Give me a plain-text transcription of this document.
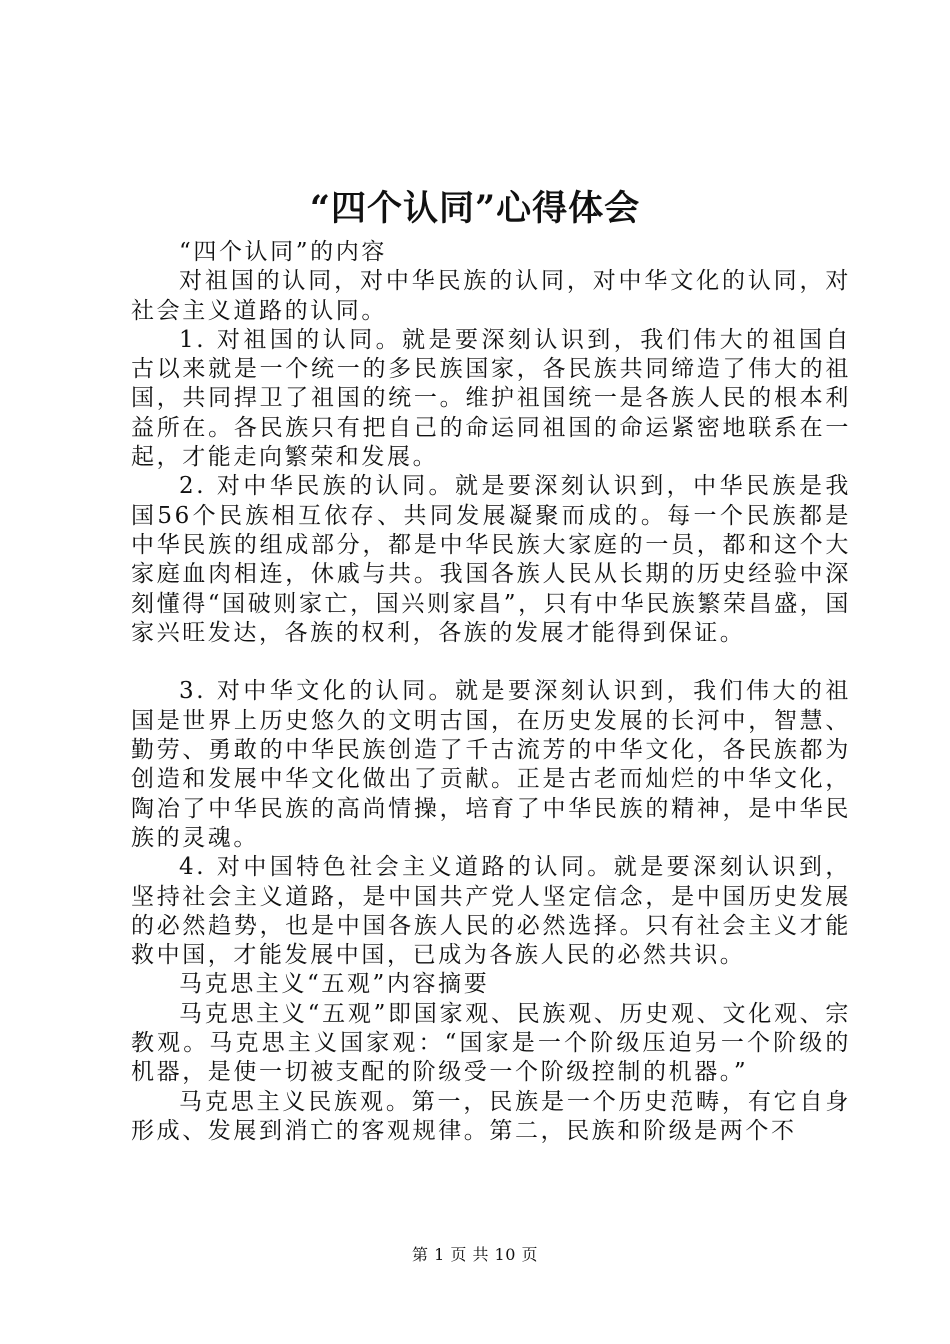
“四个认同”心得体会

“四个认同”的内容

对祖国的认同，对中华民族的认同，对中华文化的认同，对社会主义道路的认同。

1. 对祖国的认同。就是要深刻认识到，我们伟大的祖国自古以来就是一个统一的多民族国家，各民族共同缔造了伟大的祖国，共同捍卫了祖国的统一。维护祖国统一是各族人民的根本利益所在。各民族只有把自己的命运同祖国的命运紧密地联系在一起，才能走向繁荣和发展。

2. 对中华民族的认同。就是要深刻认识到，中华民族是我国56个民族相互依存、共同发展凝聚而成的。每一个民族都是中华民族的组成部分，都是中华民族大家庭的一员，都和这个大家庭血肉相连，休戚与共。我国各族人民从长期的历史经验中深刻懂得“国破则家亡，国兴则家昌”，只有中华民族繁荣昌盛，国家兴旺发达，各族的权利，各族的发展才能得到保证。

3. 对中华文化的认同。就是要深刻认识到，我们伟大的祖国是世界上历史悠久的文明古国，在历史发展的长河中，智慧、勤劳、勇敢的中华民族创造了千古流芳的中华文化，各民族都为创造和发展中华文化做出了贡献。正是古老而灿烂的中华文化，陶冶了中华民族的高尚情操，培育了中华民族的精神，是中华民族的灵魂。

4. 对中国特色社会主义道路的认同。就是要深刻认识到，坚持社会主义道路，是中国共产党人坚定信念，是中国历史发展的必然趋势，也是中国各族人民的必然选择。只有社会主义才能救中国，才能发展中国，已成为各族人民的必然共识。

马克思主义“五观”内容摘要

马克思主义“五观”即国家观、民族观、历史观、文化观、宗教观。马克思主义国家观：“国家是一个阶级压迫另一个阶级的机器，是使一切被支配的阶级受一个阶级控制的机器。”

马克思主义民族观。第一，民族是一个历史范畴，有它自身形成、发展到消亡的客观规律。第二，民族和阶级是两个不

第 1 页 共 10 页
